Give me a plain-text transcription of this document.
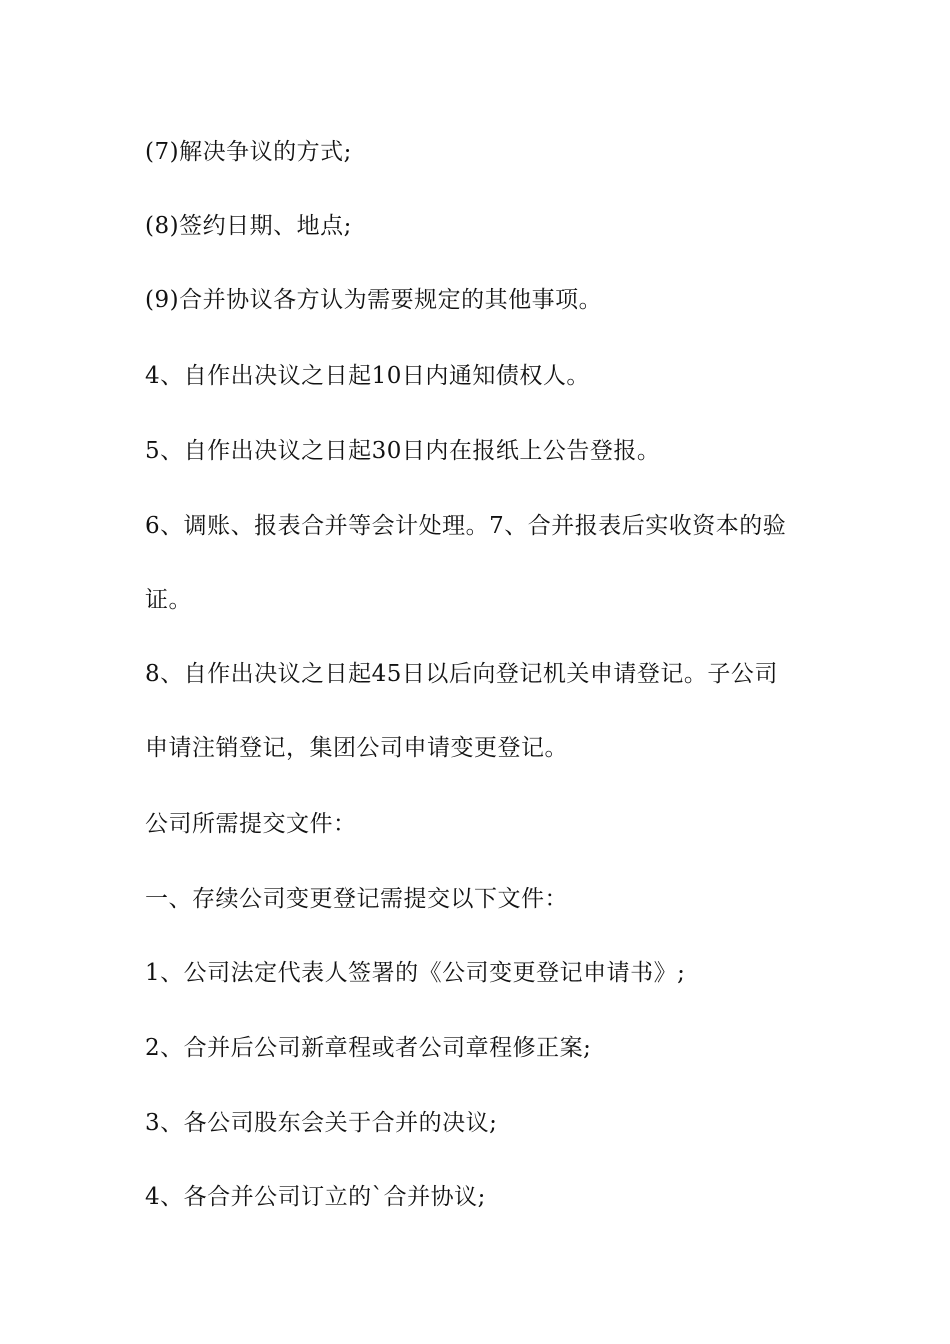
(7)解决争议的方式;
(8)签约日期、地点;
(9)合并协议各方认为需要规定的其他事项。
4、自作出决议之日起10日内通知债权人。
5、自作出决议之日起30日内在报纸上公告登报。
6、调账、报表合并等会计处理。7、合并报表后实收资本的验
证。
8、自作出决议之日起45日以后向登记机关申请登记。子公司
申请注销登记，集团公司申请变更登记。
公司所需提交文件：
一、存续公司变更登记需提交以下文件：
1、公司法定代表人签署的《公司变更登记申请书》;
2、合并后公司新章程或者公司章程修正案;
3、各公司股东会关于合并的决议;
4、各合并公司订立的`合并协议;
